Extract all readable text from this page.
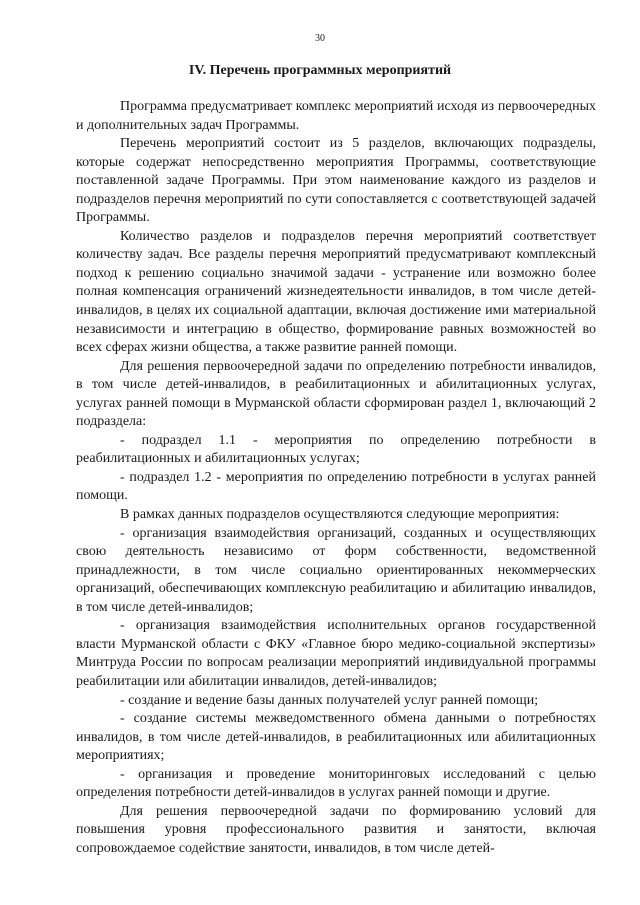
30
IV. Перечень программных мероприятий

Программа предусматривает комплекс мероприятий исходя из первоочередных и дополнительных задач Программы.

Перечень мероприятий состоит из 5 разделов, включающих подразделы, которые содержат непосредственно мероприятия Программы, соответствующие поставленной задаче Программы. При этом наименование каждого из разделов и подразделов перечня мероприятий по сути сопоставляется с соответствующей задачей Программы.

Количество разделов и подразделов перечня мероприятий соответствует количеству задач. Все разделы перечня мероприятий предусматривают комплексный подход к решению социально значимой задачи - устранение или возможно более полная компенсация ограничений жизнедеятельности инвалидов, в том числе детей-инвалидов, в целях их социальной адаптации, включая достижение ими материальной независимости и интеграцию в общество, формирование равных возможностей во всех сферах жизни общества, а также развитие ранней помощи.

Для решения первоочередной задачи по определению потребности инвалидов, в том числе детей-инвалидов, в реабилитационных и абилитационных услугах, услугах ранней помощи в Мурманской области сформирован раздел 1, включающий 2 подраздела:

- подраздел 1.1 - мероприятия по определению потребности в реабилитационных и абилитационных услугах;

- подраздел 1.2 - мероприятия по определению потребности в услугах ранней помощи.

В рамках данных подразделов осуществляются следующие мероприятия:

- организация взаимодействия организаций, созданных и осуществляющих свою деятельность независимо от форм собственности, ведомственной принадлежности, в том числе социально ориентированных некоммерческих организаций, обеспечивающих комплексную реабилитацию и абилитацию инвалидов, в том числе детей-инвалидов;

- организация взаимодействия исполнительных органов государственной власти Мурманской области с ФКУ «Главное бюро медико-социальной экспертизы» Минтруда России по вопросам реализации мероприятий индивидуальной программы реабилитации или абилитации инвалидов, детей-инвалидов;

- создание и ведение базы данных получателей услуг ранней помощи;

- создание системы межведомственного обмена данными о потребностях инвалидов, в том числе детей-инвалидов, в реабилитационных или абилитационных мероприятиях;

- организация и проведение мониторинговых исследований с целью определения потребности детей-инвалидов в услугах ранней помощи и другие.

Для решения первоочередной задачи по формированию условий для повышения уровня профессионального развития и занятости, включая сопровождаемое содействие занятости, инвалидов, в том числе детей-
